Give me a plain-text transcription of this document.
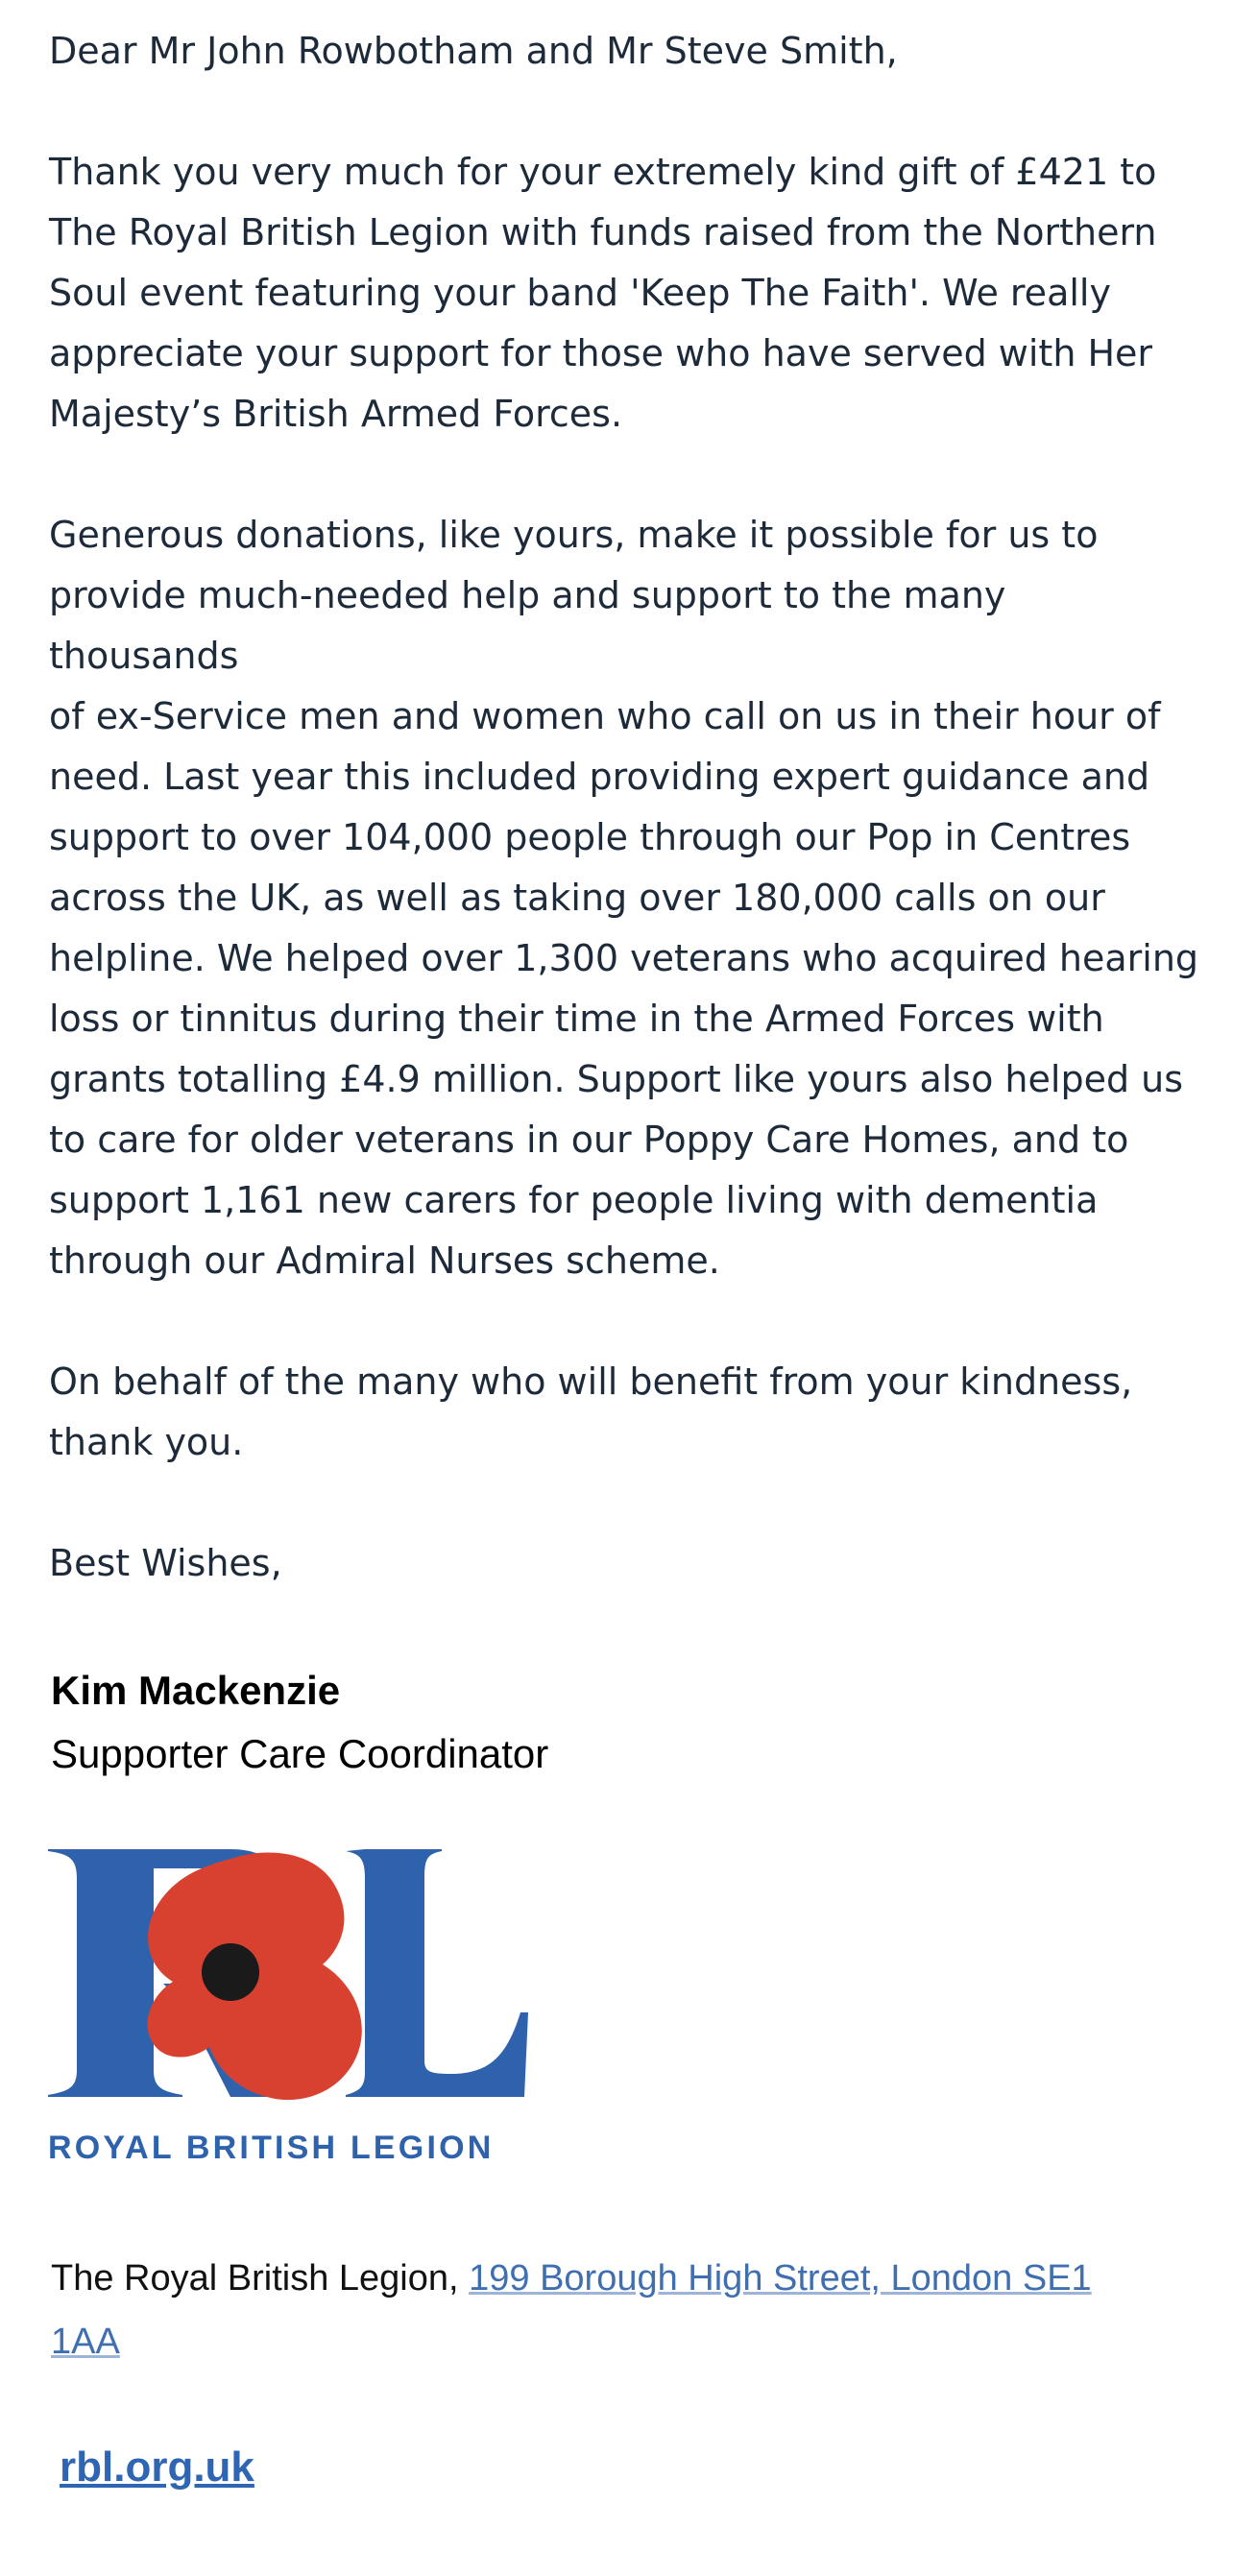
Dear Mr John Rowbotham and Mr Steve Smith,

Thank you very much for your extremely kind gift of £421 to
The Royal British Legion with funds raised from the Northern
Soul event featuring your band 'Keep The Faith'. We really
appreciate your support for those who have served with Her
Majesty’s British Armed Forces.

Generous donations, like yours, make it possible for us to
provide much-needed help and support to the many thousands
of ex-Service men and women who call on us in their hour of
need. Last year this included providing expert guidance and
support to over 104,000 people through our Pop in Centres
across the UK, as well as taking over 180,000 calls on our
helpline. We helped over 1,300 veterans who acquired hearing
loss or tinnitus during their time in the Armed Forces with
grants totalling £4.9 million. Support like yours also helped us
to care for older veterans in our Poppy Care Homes, and to
support 1,161 new carers for people living with dementia
through our Admiral Nurses scheme.

On behalf of the many who will benefit from your kindness,
thank you.

Best Wishes,

Kim Mackenzie
Supporter Care Coordinator
ROYAL BRITISH LEGION
The Royal British Legion, 199 Borough High Street, London SE1 1AA
rbl.org.uk
